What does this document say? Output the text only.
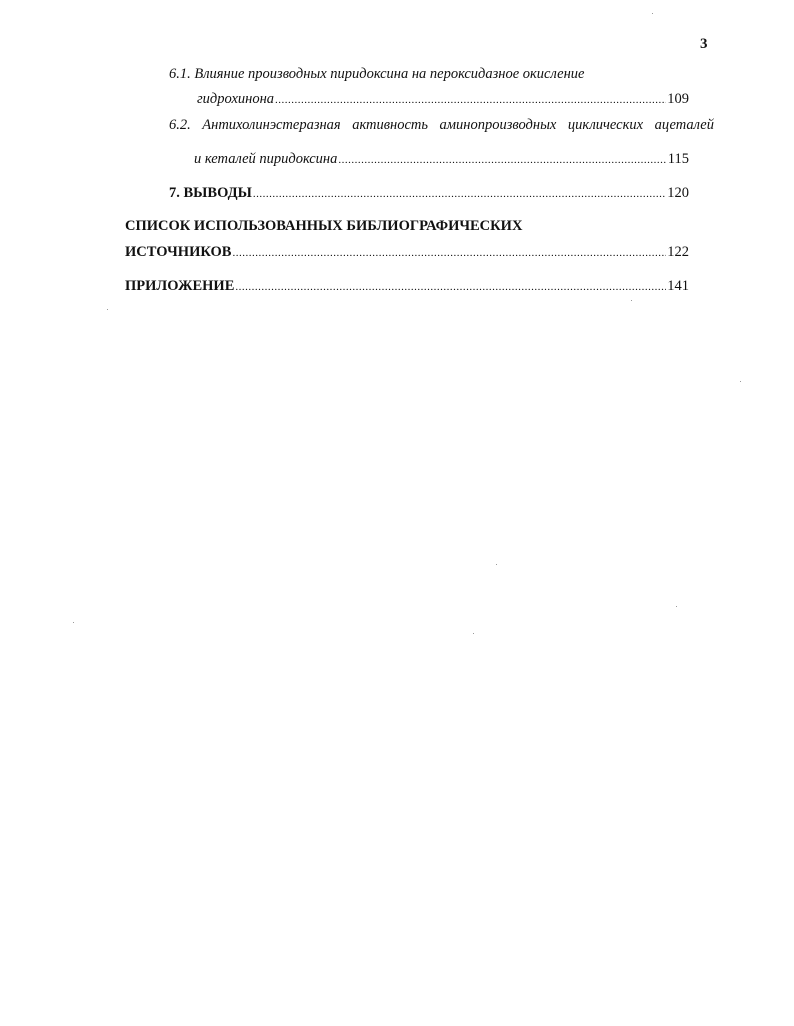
3
6.1. Влияние производных пиридоксина на пероксидазное окисление
гидрохинона .....	109
6.2. Антихолинэстеразная активность аминопроизводных циклических ацеталей
и кеталей пиридоксина .....	115
7. ВЫВОДЫ .....	120
СПИСОК ИСПОЛЬЗОВАННЫХ БИБЛИОГРАФИЧЕСКИХ
ИСТОЧНИКОВ .....	122
ПРИЛОЖЕНИЕ .....	141
